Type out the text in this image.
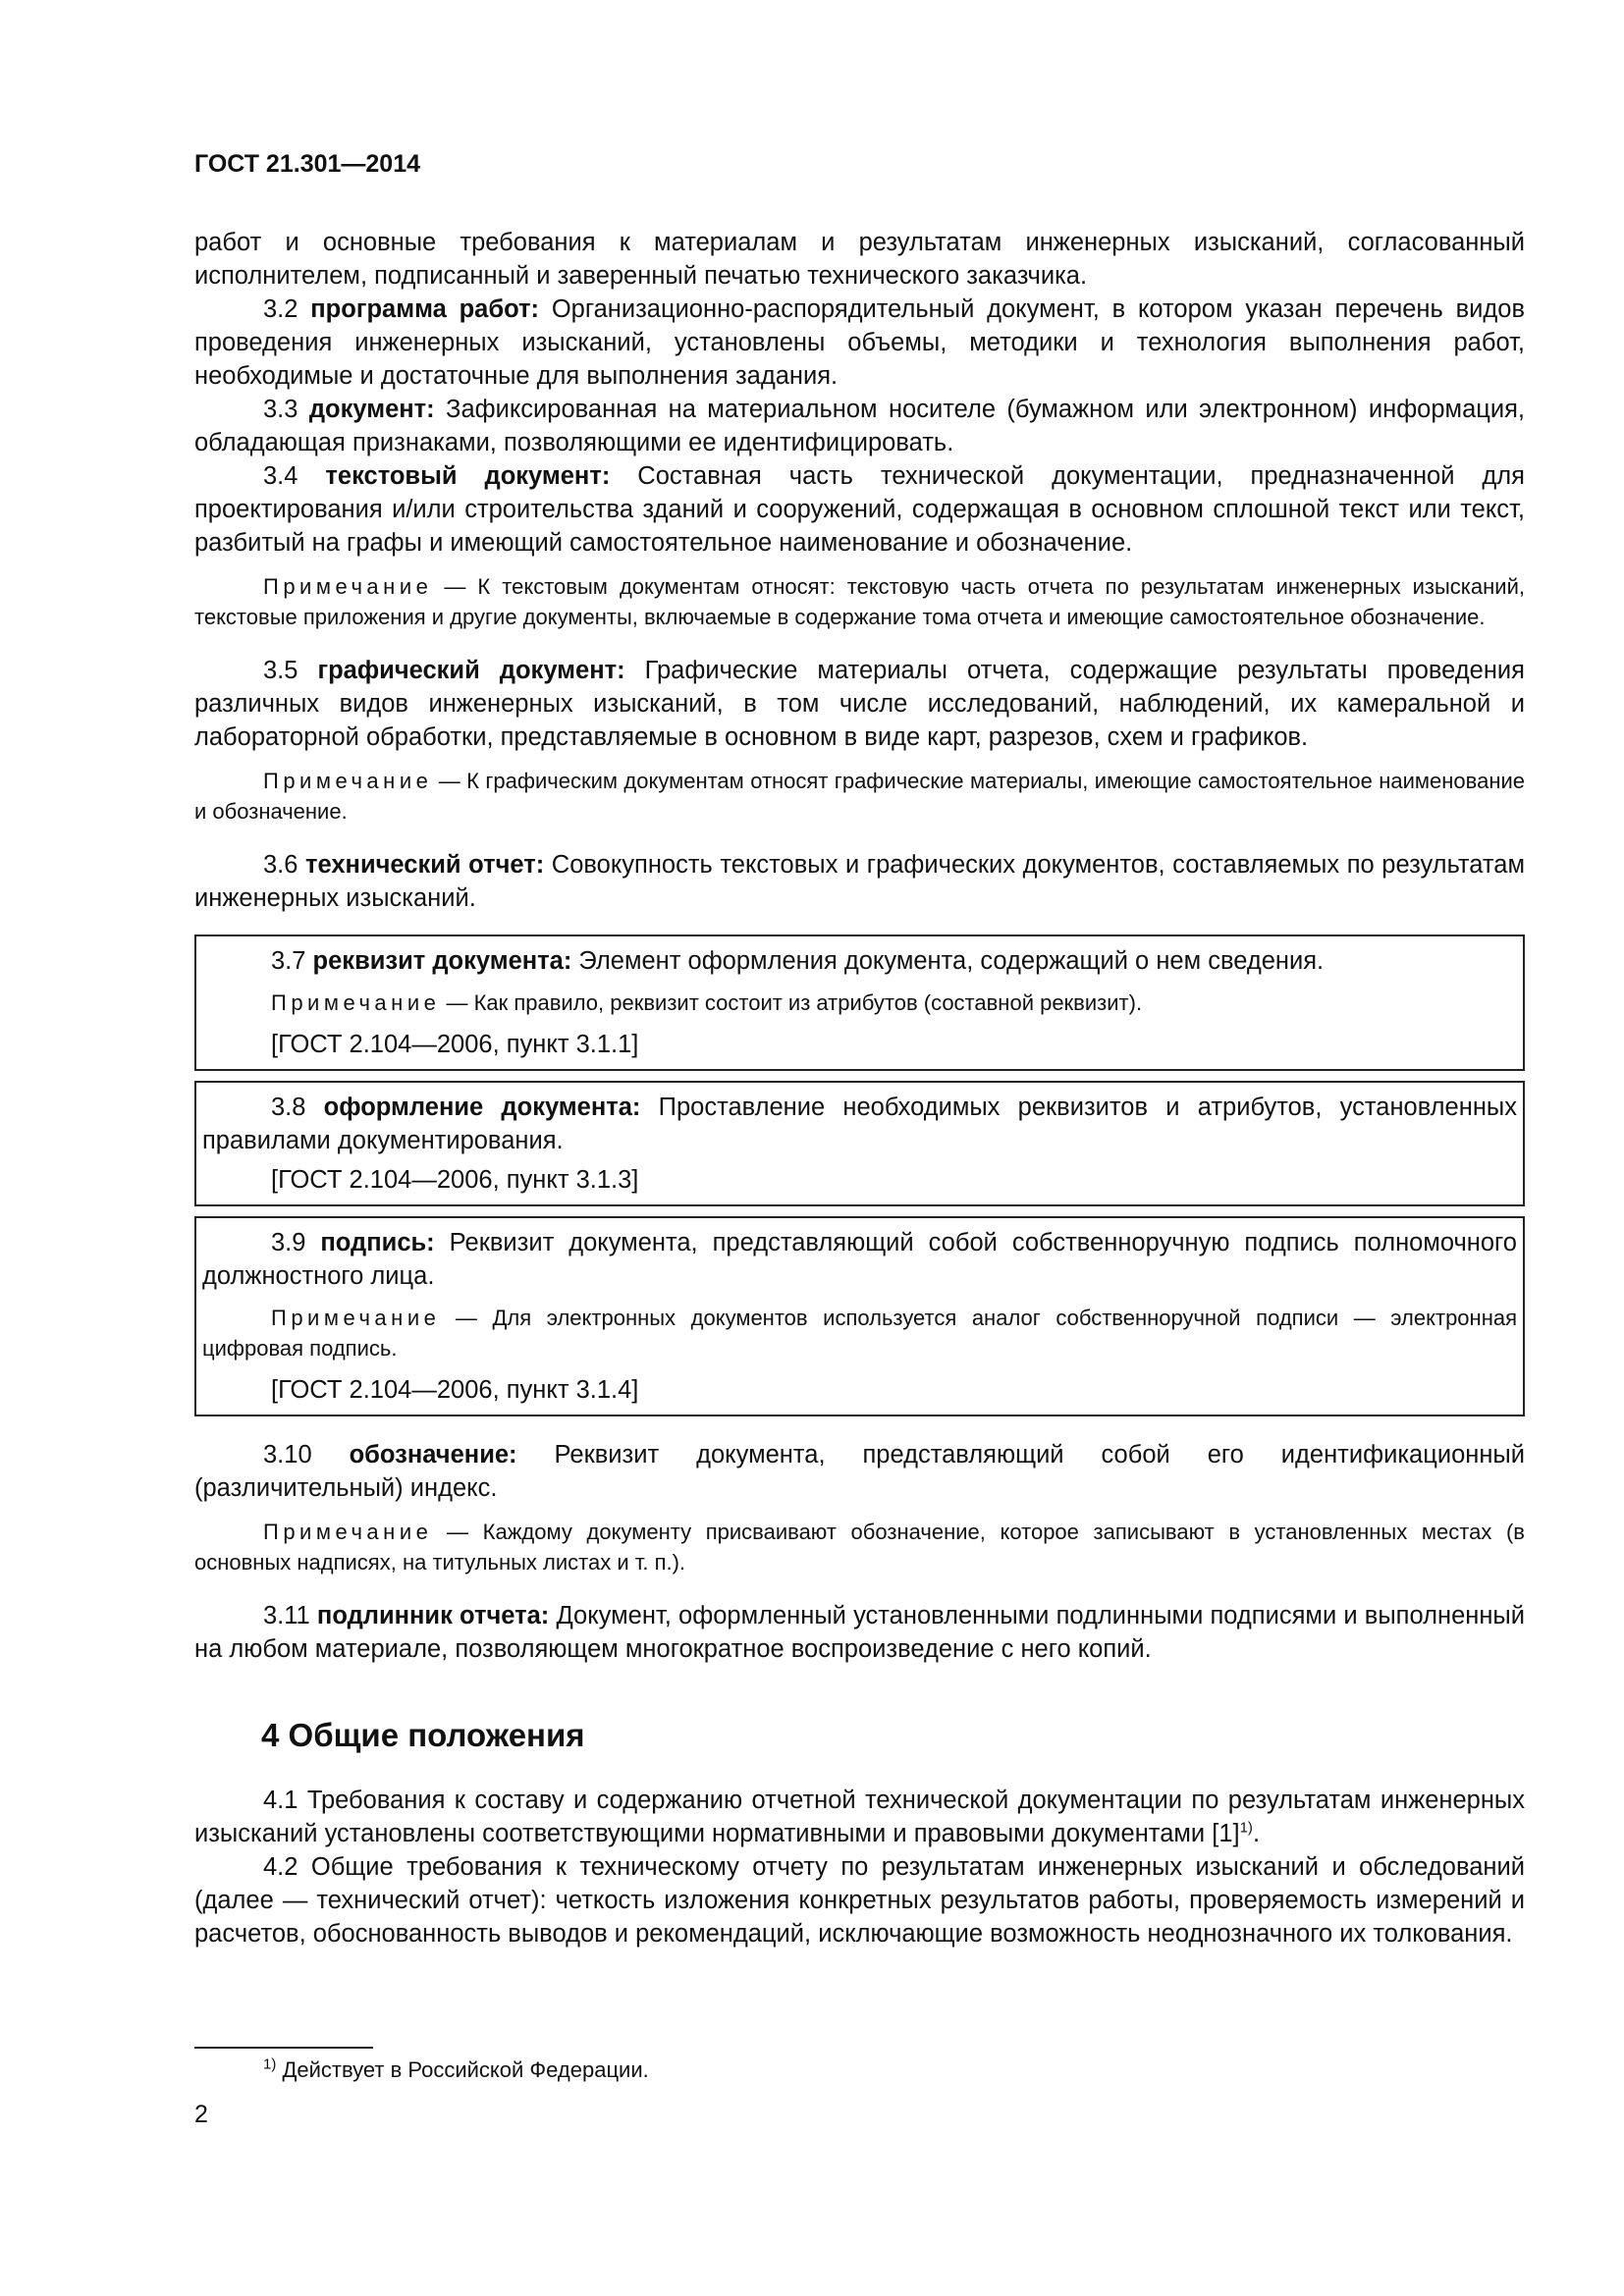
ГОСТ 21.301—2014

работ и основные требования к материалам и результатам инженерных изысканий, согласованный исполнителем, подписанный и заверенный печатью технического заказчика.

3.2 программа работ: Организационно-распорядительный документ, в котором указан перечень видов проведения инженерных изысканий, установлены объемы, методики и технология выполнения работ, необходимые и достаточные для выполнения задания.

3.3 документ: Зафиксированная на материальном носителе (бумажном или электронном) информация, обладающая признаками, позволяющими ее идентифицировать.

3.4 текстовый документ: Составная часть технической документации, предназначенной для проектирования и/или строительства зданий и сооружений, содержащая в основном сплошной текст или текст, разбитый на графы и имеющий самостоятельное наименование и обозначение.

Примечание — К текстовым документам относят: текстовую часть отчета по результатам инженерных изысканий, текстовые приложения и другие документы, включаемые в содержание тома отчета и имеющие самостоятельное обозначение.

3.5 графический документ: Графические материалы отчета, содержащие результаты проведения различных видов инженерных изысканий, в том числе исследований, наблюдений, их камеральной и лабораторной обработки, представляемые в основном в виде карт, разрезов, схем и графиков.

Примечание — К графическим документам относят графические материалы, имеющие самостоятельное наименование и обозначение.

3.6 технический отчет: Совокупность текстовых и графических документов, составляемых по результатам инженерных изысканий.

3.7 реквизит документа: Элемент оформления документа, содержащий о нем сведения.

Примечание — Как правило, реквизит состоит из атрибутов (составной реквизит).

[ГОСТ 2.104—2006, пункт 3.1.1]

3.8 оформление документа: Проставление необходимых реквизитов и атрибутов, установленных правилами документирования.

[ГОСТ 2.104—2006, пункт 3.1.3]

3.9 подпись: Реквизит документа, представляющий собой собственноручную подпись полномочного должностного лица.

Примечание — Для электронных документов используется аналог собственноручной подписи — электронная цифровая подпись.

[ГОСТ 2.104—2006, пункт 3.1.4]

3.10 обозначение: Реквизит документа, представляющий собой его идентификационный (различительный) индекс.

Примечание — Каждому документу присваивают обозначение, которое записывают в установленных местах (в основных надписях, на титульных листах и т. п.).

3.11 подлинник отчета: Документ, оформленный установленными подлинными подписями и выполненный на любом материале, позволяющем многократное воспроизведение с него копий.

4 Общие положения

4.1 Требования к составу и содержанию отчетной технической документации по результатам инженерных изысканий установлены соответствующими нормативными и правовыми документами $[1]^{1)}$.

4.2 Общие требования к техническому отчету по результатам инженерных изысканий и обследований (далее — технический отчет): четкость изложения конкретных результатов работы, проверяемость измерений и расчетов, обоснованность выводов и рекомендаций, исключающие возможность неоднозначного их толкования.

$^{1)}$ Действует в Российской Федерации.
2
